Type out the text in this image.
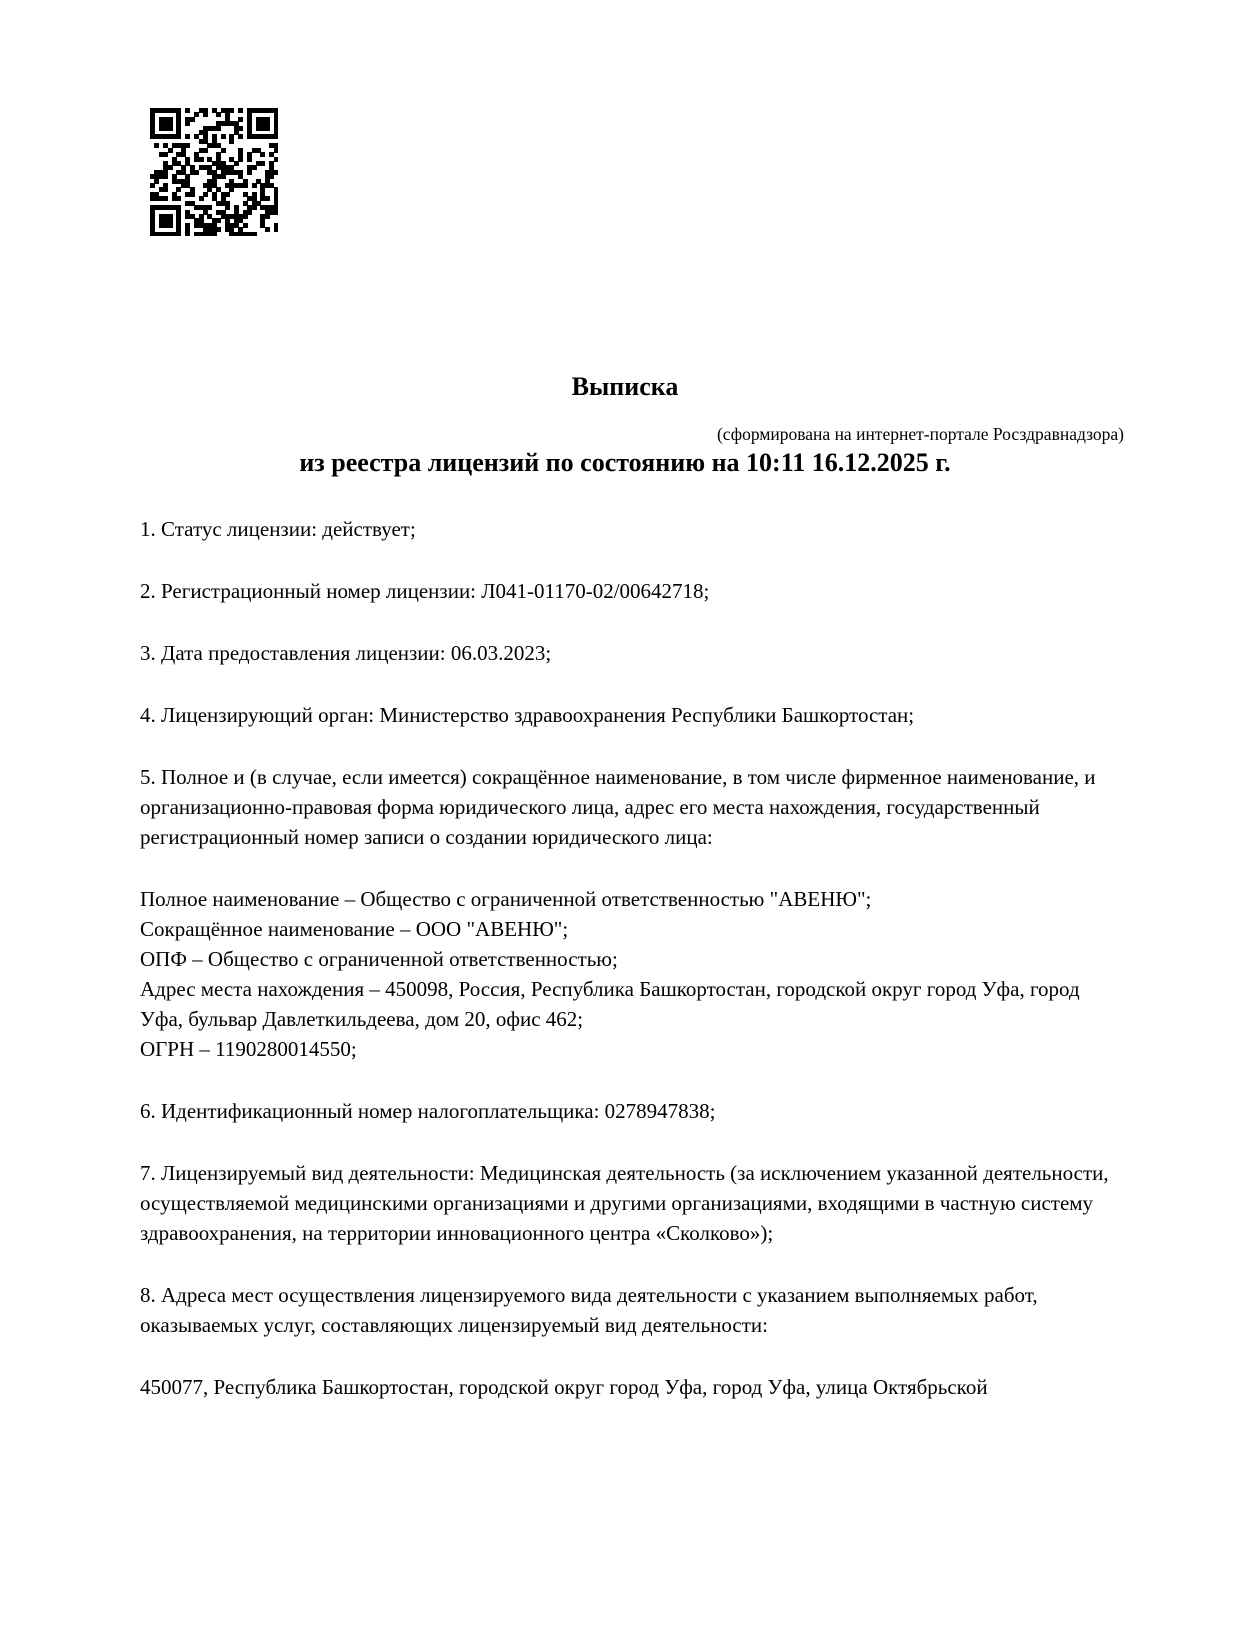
Выписка

из реестра лицензий по состоянию на 10:11 16.12.2025 г.

(сформирована на интернет-портале Росздравнадзора)

1. Статус лицензии: действует;

2. Регистрационный номер лицензии: Л041-01170-02/00642718;

3. Дата предоставления лицензии: 06.03.2023;

4. Лицензирующий орган: Министерство здравоохранения Республики Башкортостан;

5. Полное и (в случае, если имеется) сокращённое наименование, в том числе фирменное наименование, и организационно-правовая форма юридического лица, адрес его места нахождения, государственный регистрационный номер записи о создании юридического лица:

Полное наименование – Общество с ограниченной ответственностью "АВЕНЮ";

Сокращённое наименование – ООО "АВЕНЮ";

ОПФ – Общество с ограниченной ответственностью;

Адрес места нахождения – 450098, Россия, Республика Башкортостан, городской округ город Уфа, город Уфа, бульвар Давлеткильдеева, дом 20, офис 462;

ОГРН – 1190280014550;

6. Идентификационный номер налогоплательщика: 0278947838;

7. Лицензируемый вид деятельности: Медицинская деятельность (за исключением указанной деятельности, осуществляемой медицинскими организациями и другими организациями, входящими в частную систему здравоохранения, на территории инновационного центра «Сколково»);

8. Адреса мест осуществления лицензируемого вида деятельности с указанием выполняемых работ, оказываемых услуг, составляющих лицензируемый вид деятельности:

450077, Республика Башкортостан, городской округ город Уфа, город Уфа, улица Октябрьской
